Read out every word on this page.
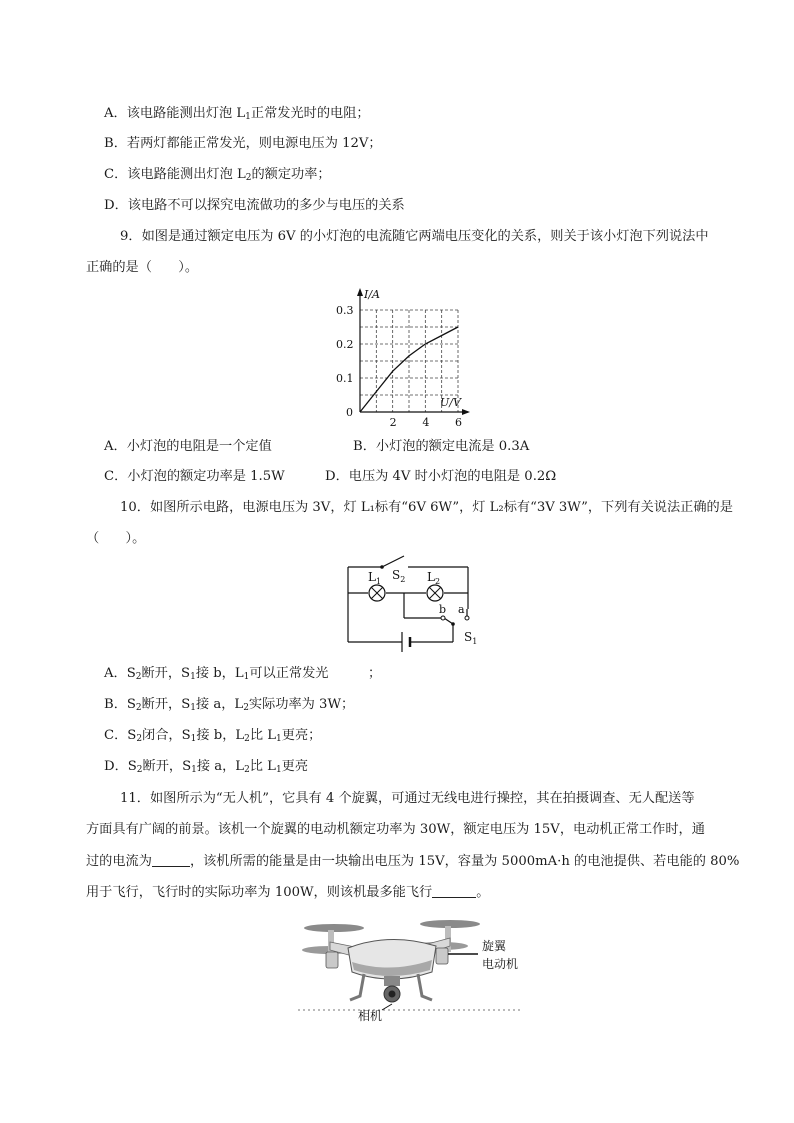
A．该电路能测出灯泡 $L_1$正常发光时的电阻；
B．若两灯都能正常发光，则电源电压为 12V；
C．该电路能测出灯泡 $L_2$的额定功率；
D．该电路不可以探究电流做功的多少与电压的关系
9．如图是通过额定电压为 6V 的小灯泡的电流随它两端电压变化的关系，则关于该小灯泡下列说法中
正确的是（　　）。
I/A
U/V
0
2 4 6
0.1
0.2
0.3
A．小灯泡的电阻是一个定值	B．小灯泡的额定电流是 0.3A
C．小灯泡的额定功率是 1.5W	D．电压为 4V 时小灯泡的电阻是 0.2Ω
10．如图所示电路，电源电压为 3V，灯 L₁标有“6V 6W”，灯 L₂标有“3V 3W”，下列有关说法正确的是
（　　）。
$L_1$ $S_2$ $L_2$
b a
$S_1$
A．$S_2$断开，$S_1$接 b，$L_1$可以正常发光　　　；
B．$S_2$断开，$S_1$接 a，$L_2$实际功率为 3W；
C．$S_2$闭合，$S_1$接 b，$L_2$比 $L_1$更亮；
D．$S_2$断开，$S_1$接 a，$L_2$比 $L_1$更亮
11．如图所示为“无人机”，它具有 4 个旋翼，可通过无线电进行操控，其在拍摄调查、无人配送等
方面具有广阔的前景。该机一个旋翼的电动机额定功率为 30W，额定电压为 15V，电动机正常工作时，通
过的电流为	，该机所需的能量是由一块输出电压为 15V，容量为 5000mA·h 的电池提供、若电能的 80%
用于飞行，飞行时的实际功率为 100W，则该机最多能飞行	。
旋翼
电动机
相机
